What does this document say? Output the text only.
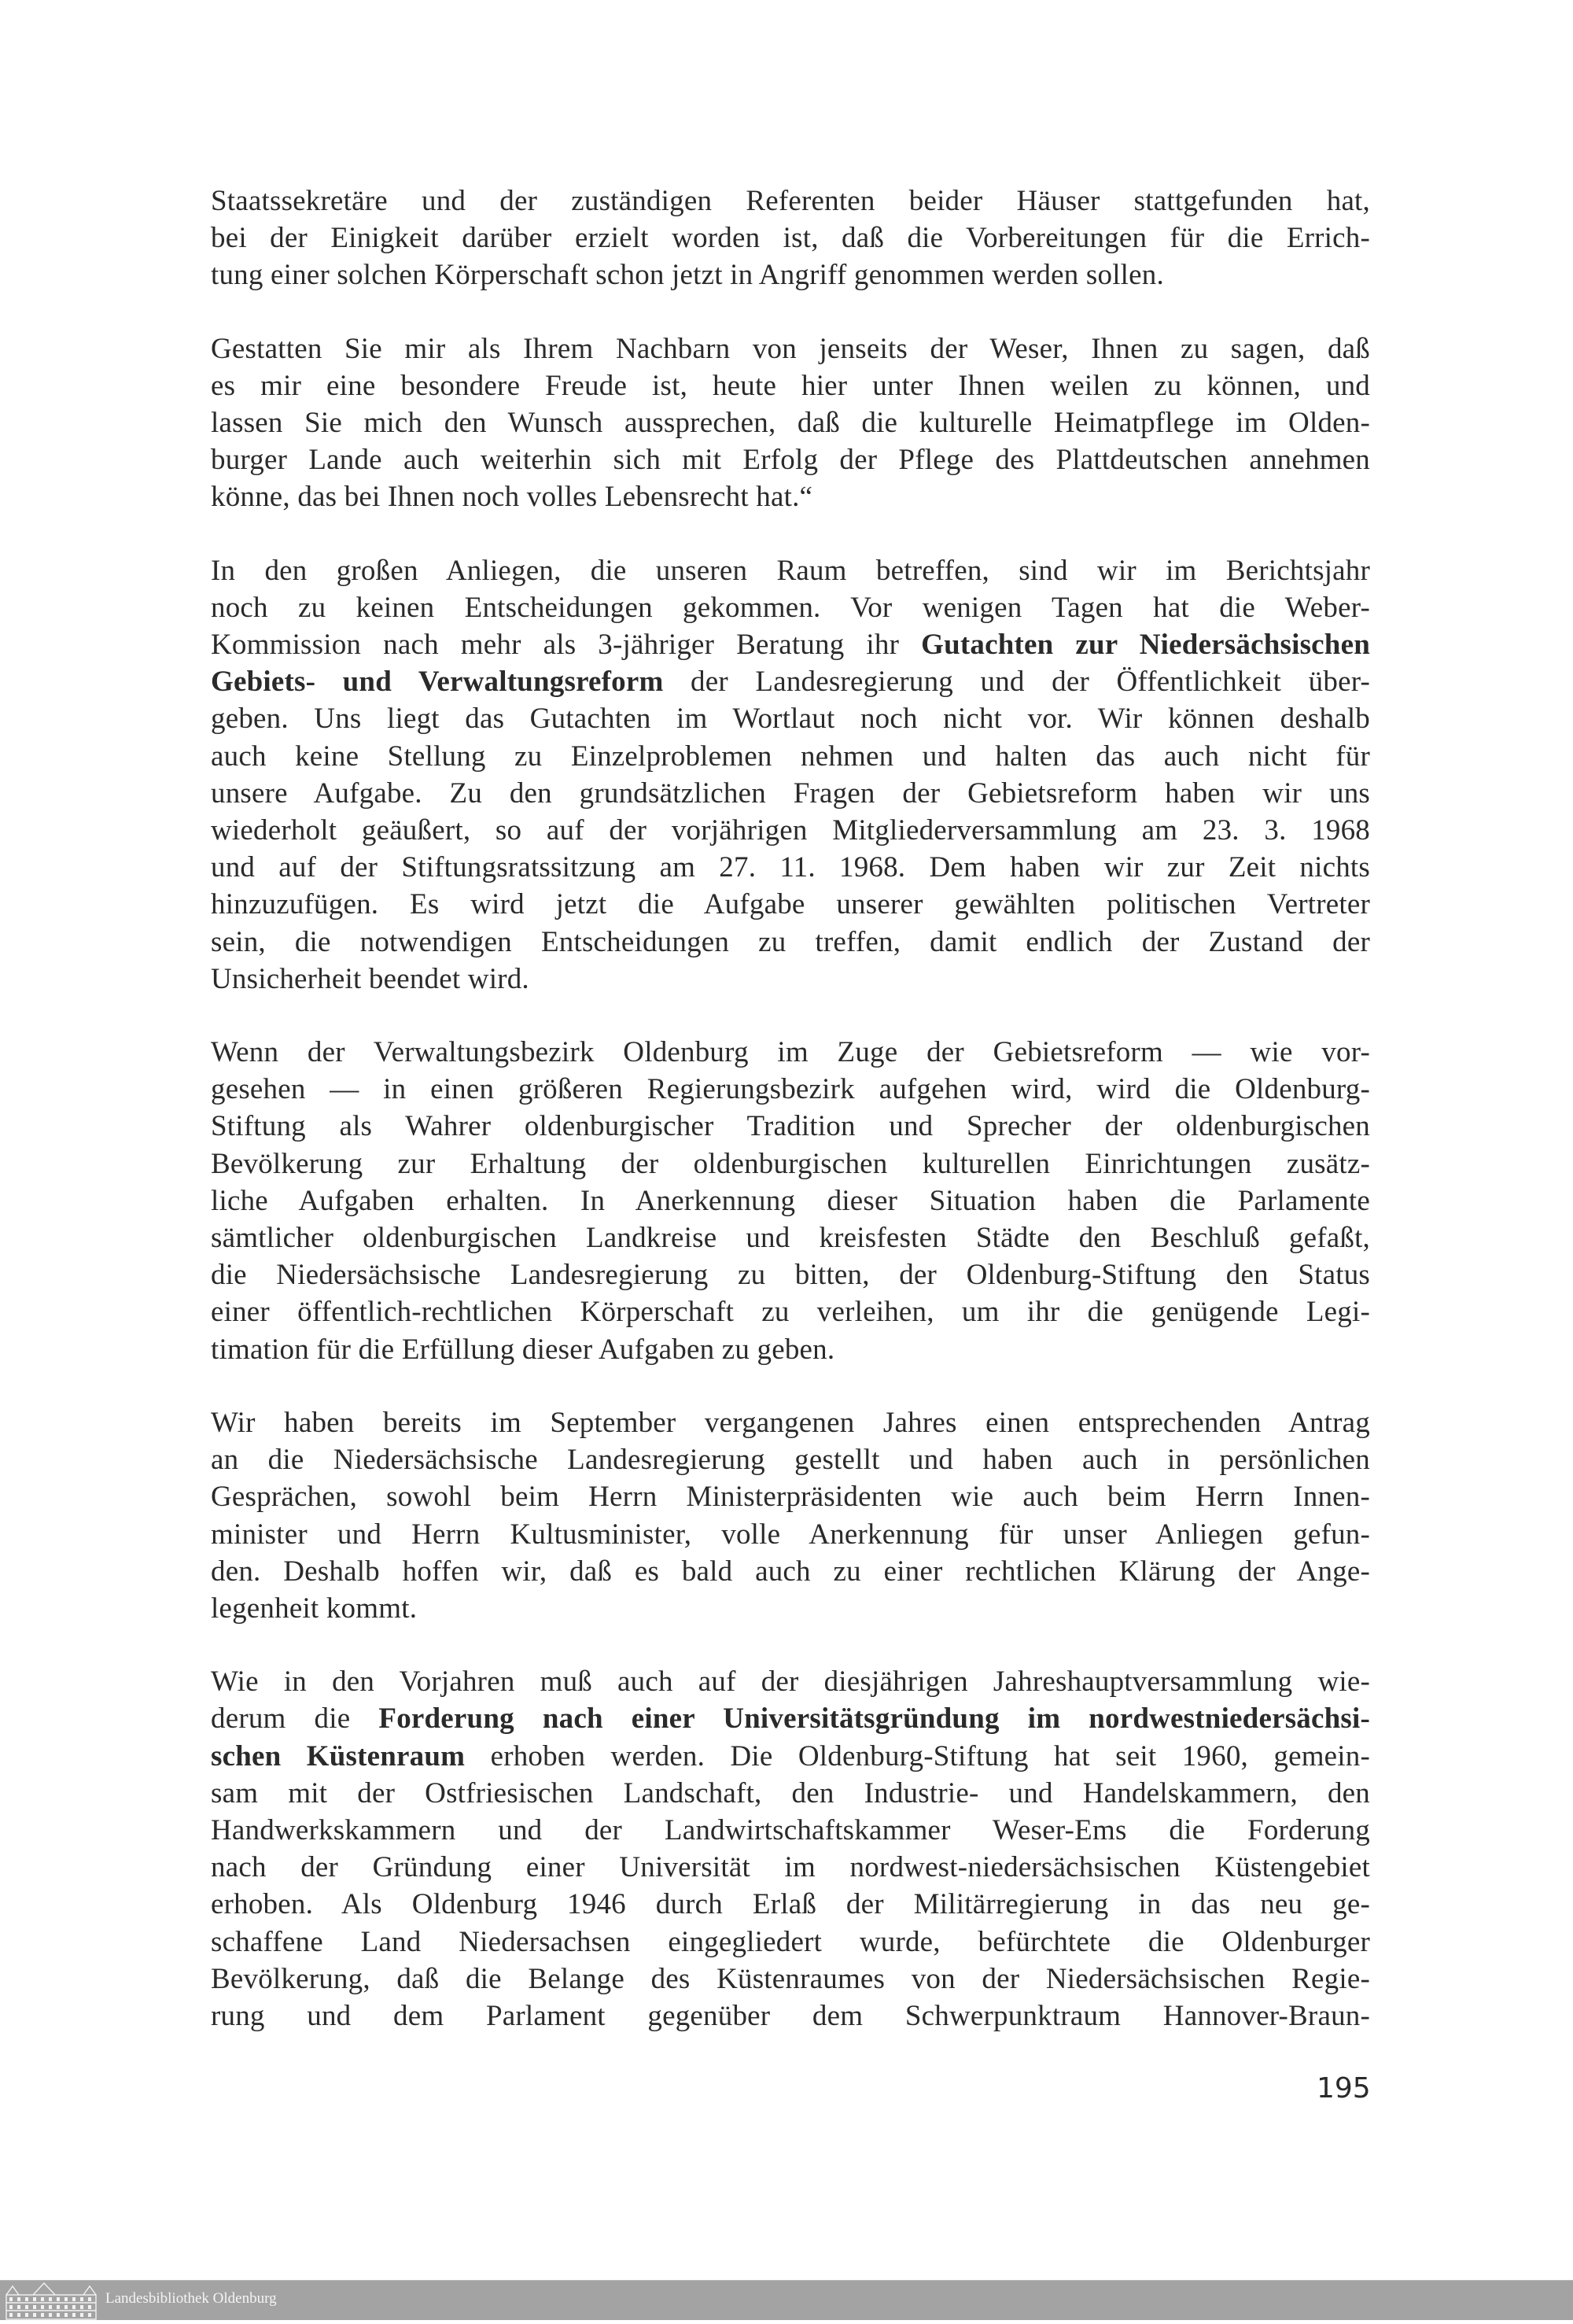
Staatssekretäre und der zuständigen Referenten beider Häuser stattgefunden hat,
bei der Einigkeit darüber erzielt worden ist, daß die Vorbereitungen für die Errich-
tung einer solchen Körperschaft schon jetzt in Angriff genommen werden sollen.
Gestatten Sie mir als Ihrem Nachbarn von jenseits der Weser, Ihnen zu sagen, daß
es mir eine besondere Freude ist, heute hier unter Ihnen weilen zu können, und
lassen Sie mich den Wunsch aussprechen, daß die kulturelle Heimatpflege im Olden-
burger Lande auch weiterhin sich mit Erfolg der Pflege des Plattdeutschen annehmen
könne, das bei Ihnen noch volles Lebensrecht hat.“
In den großen Anliegen, die unseren Raum betreffen, sind wir im Berichtsjahr
noch zu keinen Entscheidungen gekommen. Vor wenigen Tagen hat die Weber-
Kommission nach mehr als 3-jähriger Beratung ihr Gutachten zur Niedersächsischen
Gebiets- und Verwaltungsreform der Landesregierung und der Öffentlichkeit über-
geben. Uns liegt das Gutachten im Wortlaut noch nicht vor. Wir können deshalb
auch keine Stellung zu Einzelproblemen nehmen und halten das auch nicht für
unsere Aufgabe. Zu den grundsätzlichen Fragen der Gebietsreform haben wir uns
wiederholt geäußert, so auf der vorjährigen Mitgliederversammlung am 23. 3. 1968
und auf der Stiftungsratssitzung am 27. 11. 1968. Dem haben wir zur Zeit nichts
hinzuzufügen. Es wird jetzt die Aufgabe unserer gewählten politischen Vertreter
sein, die notwendigen Entscheidungen zu treffen, damit endlich der Zustand der
Unsicherheit beendet wird.
Wenn der Verwaltungsbezirk Oldenburg im Zuge der Gebietsreform — wie vor-
gesehen — in einen größeren Regierungsbezirk aufgehen wird, wird die Oldenburg-
Stiftung als Wahrer oldenburgischer Tradition und Sprecher der oldenburgischen
Bevölkerung zur Erhaltung der oldenburgischen kulturellen Einrichtungen zusätz-
liche Aufgaben erhalten. In Anerkennung dieser Situation haben die Parlamente
sämtlicher oldenburgischen Landkreise und kreisfesten Städte den Beschluß gefaßt,
die Niedersächsische Landesregierung zu bitten, der Oldenburg-Stiftung den Status
einer öffentlich-rechtlichen Körperschaft zu verleihen, um ihr die genügende Legi-
timation für die Erfüllung dieser Aufgaben zu geben.
Wir haben bereits im September vergangenen Jahres einen entsprechenden Antrag
an die Niedersächsische Landesregierung gestellt und haben auch in persönlichen
Gesprächen, sowohl beim Herrn Ministerpräsidenten wie auch beim Herrn Innen-
minister und Herrn Kultusminister, volle Anerkennung für unser Anliegen gefun-
den. Deshalb hoffen wir, daß es bald auch zu einer rechtlichen Klärung der Ange-
legenheit kommt.
Wie in den Vorjahren muß auch auf der diesjährigen Jahreshauptversammlung wie-
derum die Forderung nach einer Universitätsgründung im nordwestniedersächsi-
schen Küstenraum erhoben werden. Die Oldenburg-Stiftung hat seit 1960, gemein-
sam mit der Ostfriesischen Landschaft, den Industrie- und Handelskammern, den
Handwerkskammern und der Landwirtschaftskammer Weser-Ems die Forderung
nach der Gründung einer Universität im nordwest-niedersächsischen Küstengebiet
erhoben. Als Oldenburg 1946 durch Erlaß der Militärregierung in das neu ge-
schaffene Land Niedersachsen eingegliedert wurde, befürchtete die Oldenburger
Bevölkerung, daß die Belange des Küstenraumes von der Niedersächsischen Regie-
rung und dem Parlament gegenüber dem Schwerpunktraum Hannover-Braun-
195
Landesbibliothek Oldenburg
